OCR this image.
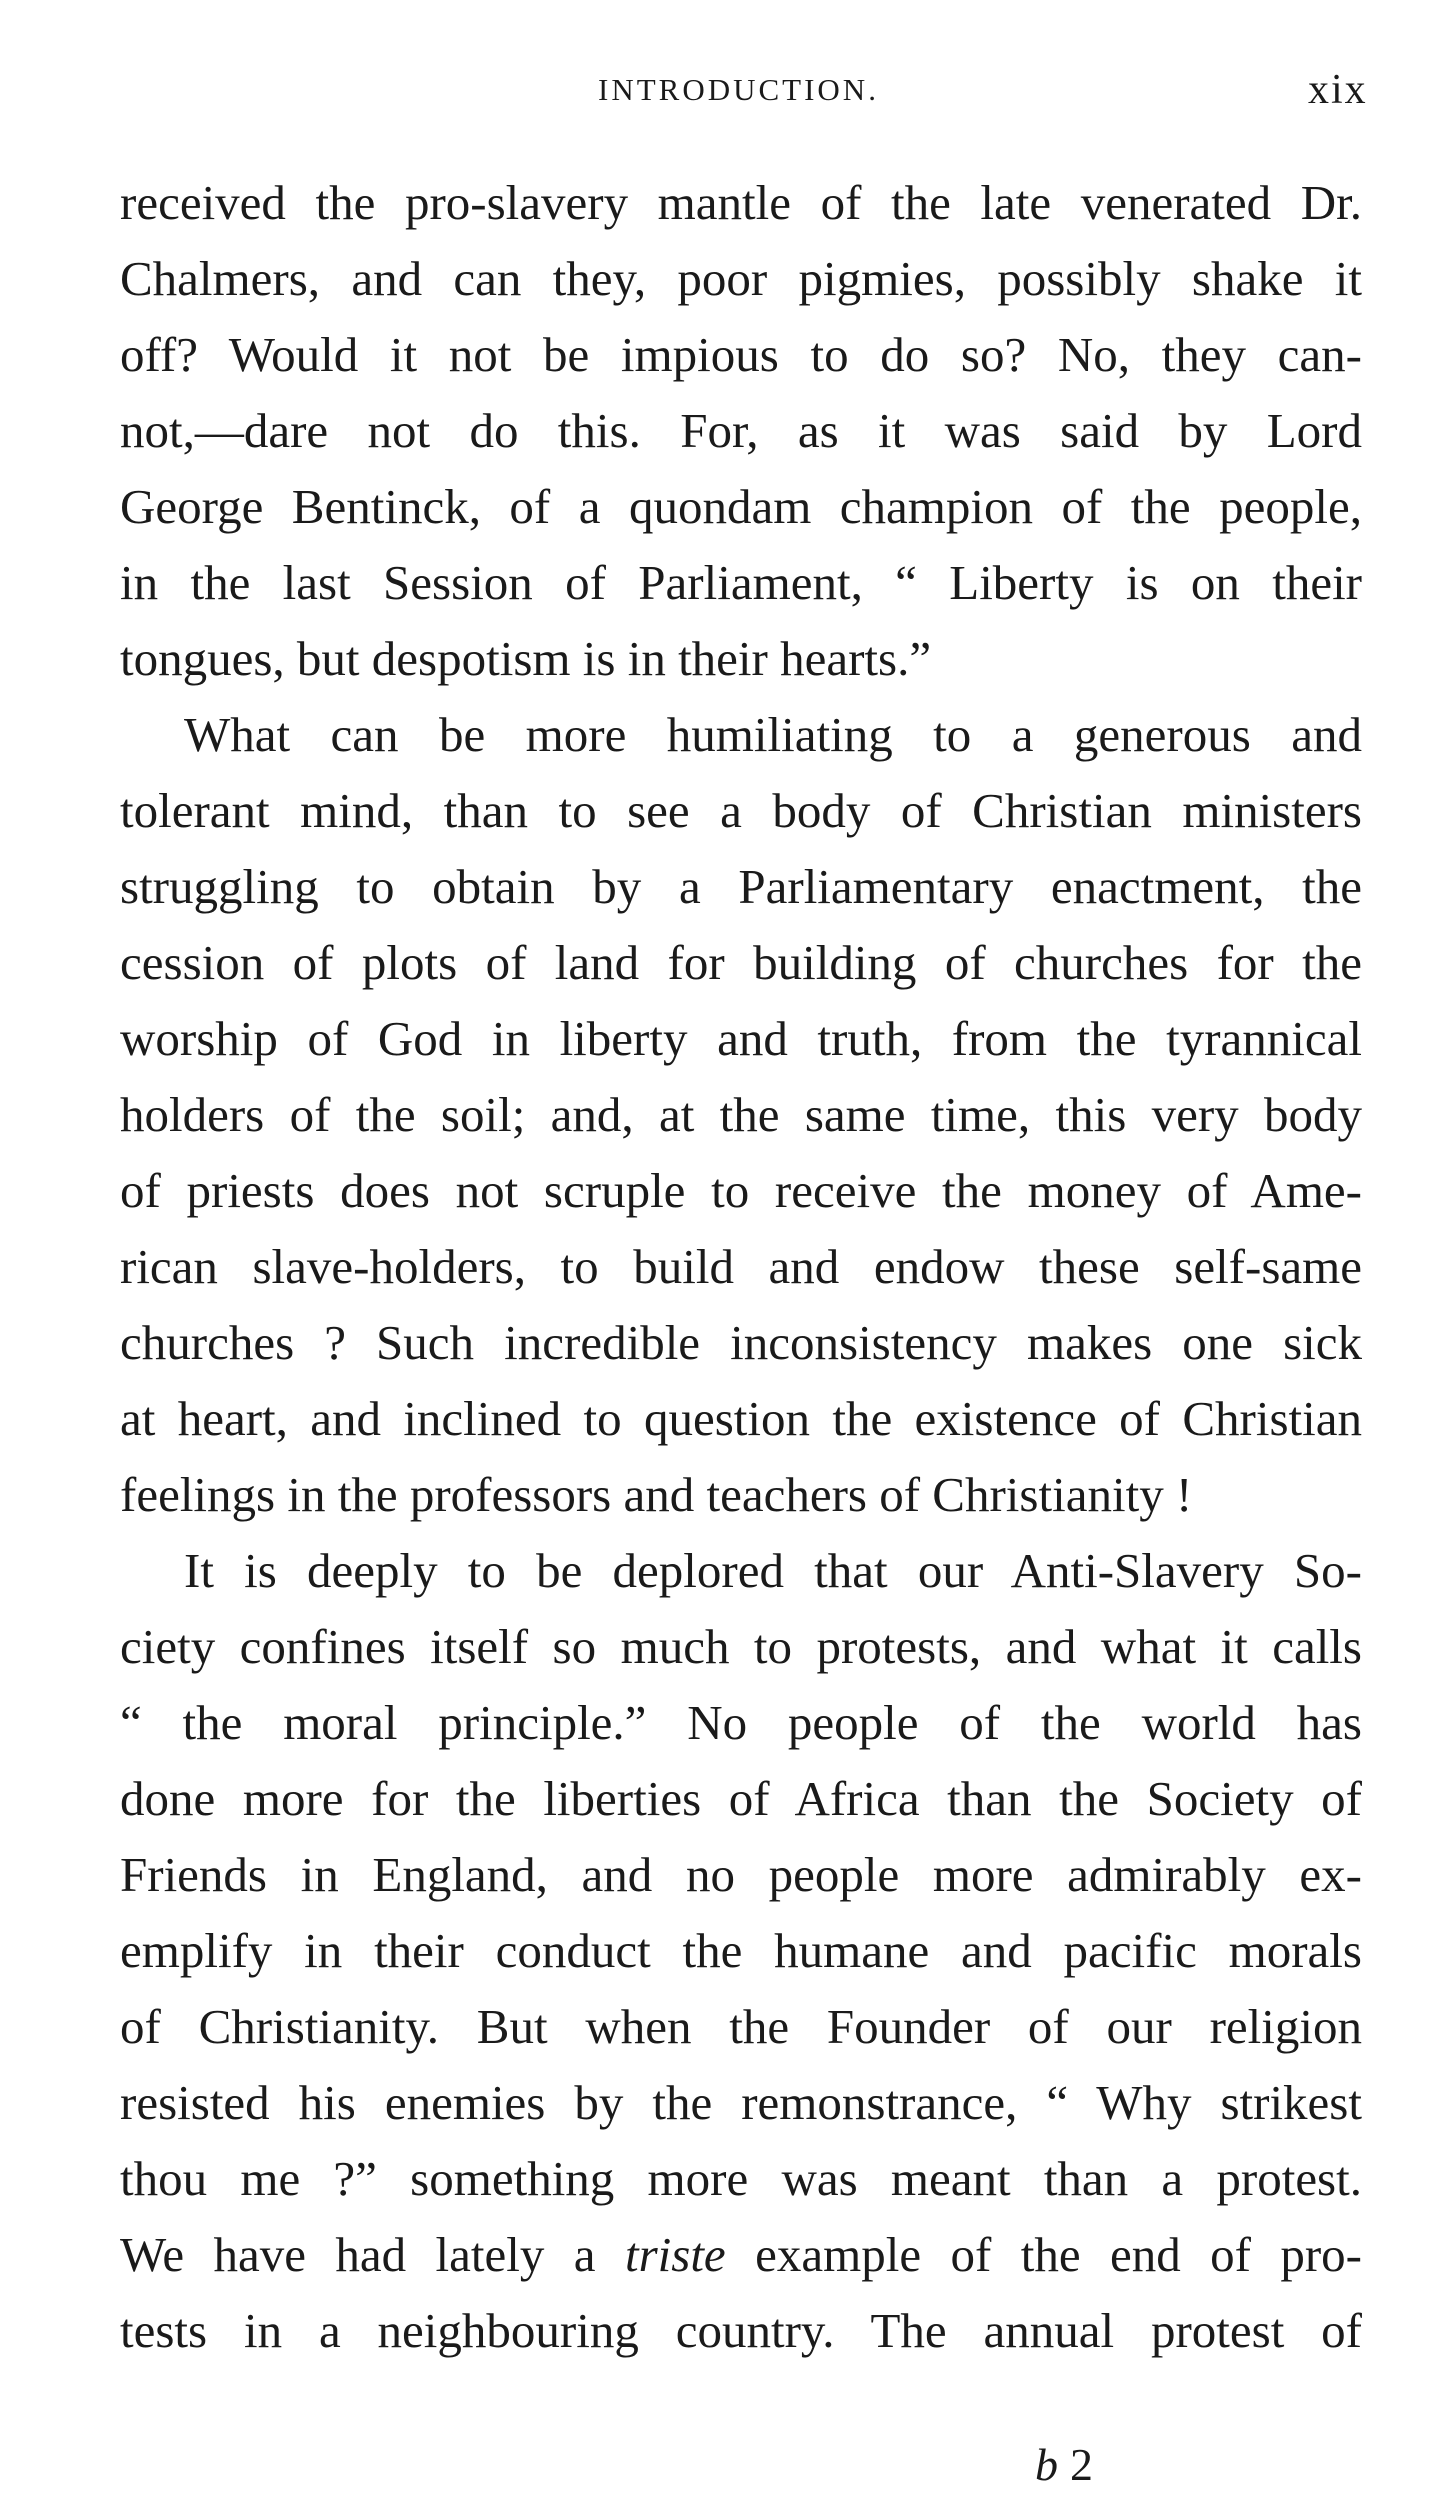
INTRODUCTION.	xix
received the pro-slavery mantle of the late venerated Dr.
Chalmers, and can they, poor pigmies, possibly shake it
off? Would it not be impious to do so? No, they can-
not,—dare not do this. For, as it was said by Lord
George Bentinck, of a quondam champion of the people,
in the last Session of Parliament, “ Liberty is on their
tongues, but despotism is in their hearts.”
What can be more humiliating to a generous and
tolerant mind, than to see a body of Christian ministers
struggling to obtain by a Parliamentary enactment, the
cession of plots of land for building of churches for the
worship of God in liberty and truth, from the tyrannical
holders of the soil; and, at the same time, this very body
of priests does not scruple to receive the money of Ame-
rican slave-holders, to build and endow these self-same
churches ? Such incredible inconsistency makes one sick
at heart, and inclined to question the existence of Christian
feelings in the professors and teachers of Christianity !
It is deeply to be deplored that our Anti-Slavery So-
ciety confines itself so much to protests, and what it calls
“ the moral principle.” No people of the world has
done more for the liberties of Africa than the Society of
Friends in England, and no people more admirably ex-
emplify in their conduct the humane and pacific morals
of Christianity. But when the Founder of our religion
resisted his enemies by the remonstrance, “ Why strikest
thou me ?” something more was meant than a protest.
We have had lately a triste example of the end of pro-
tests in a neighbouring country. The annual protest of
b 2
